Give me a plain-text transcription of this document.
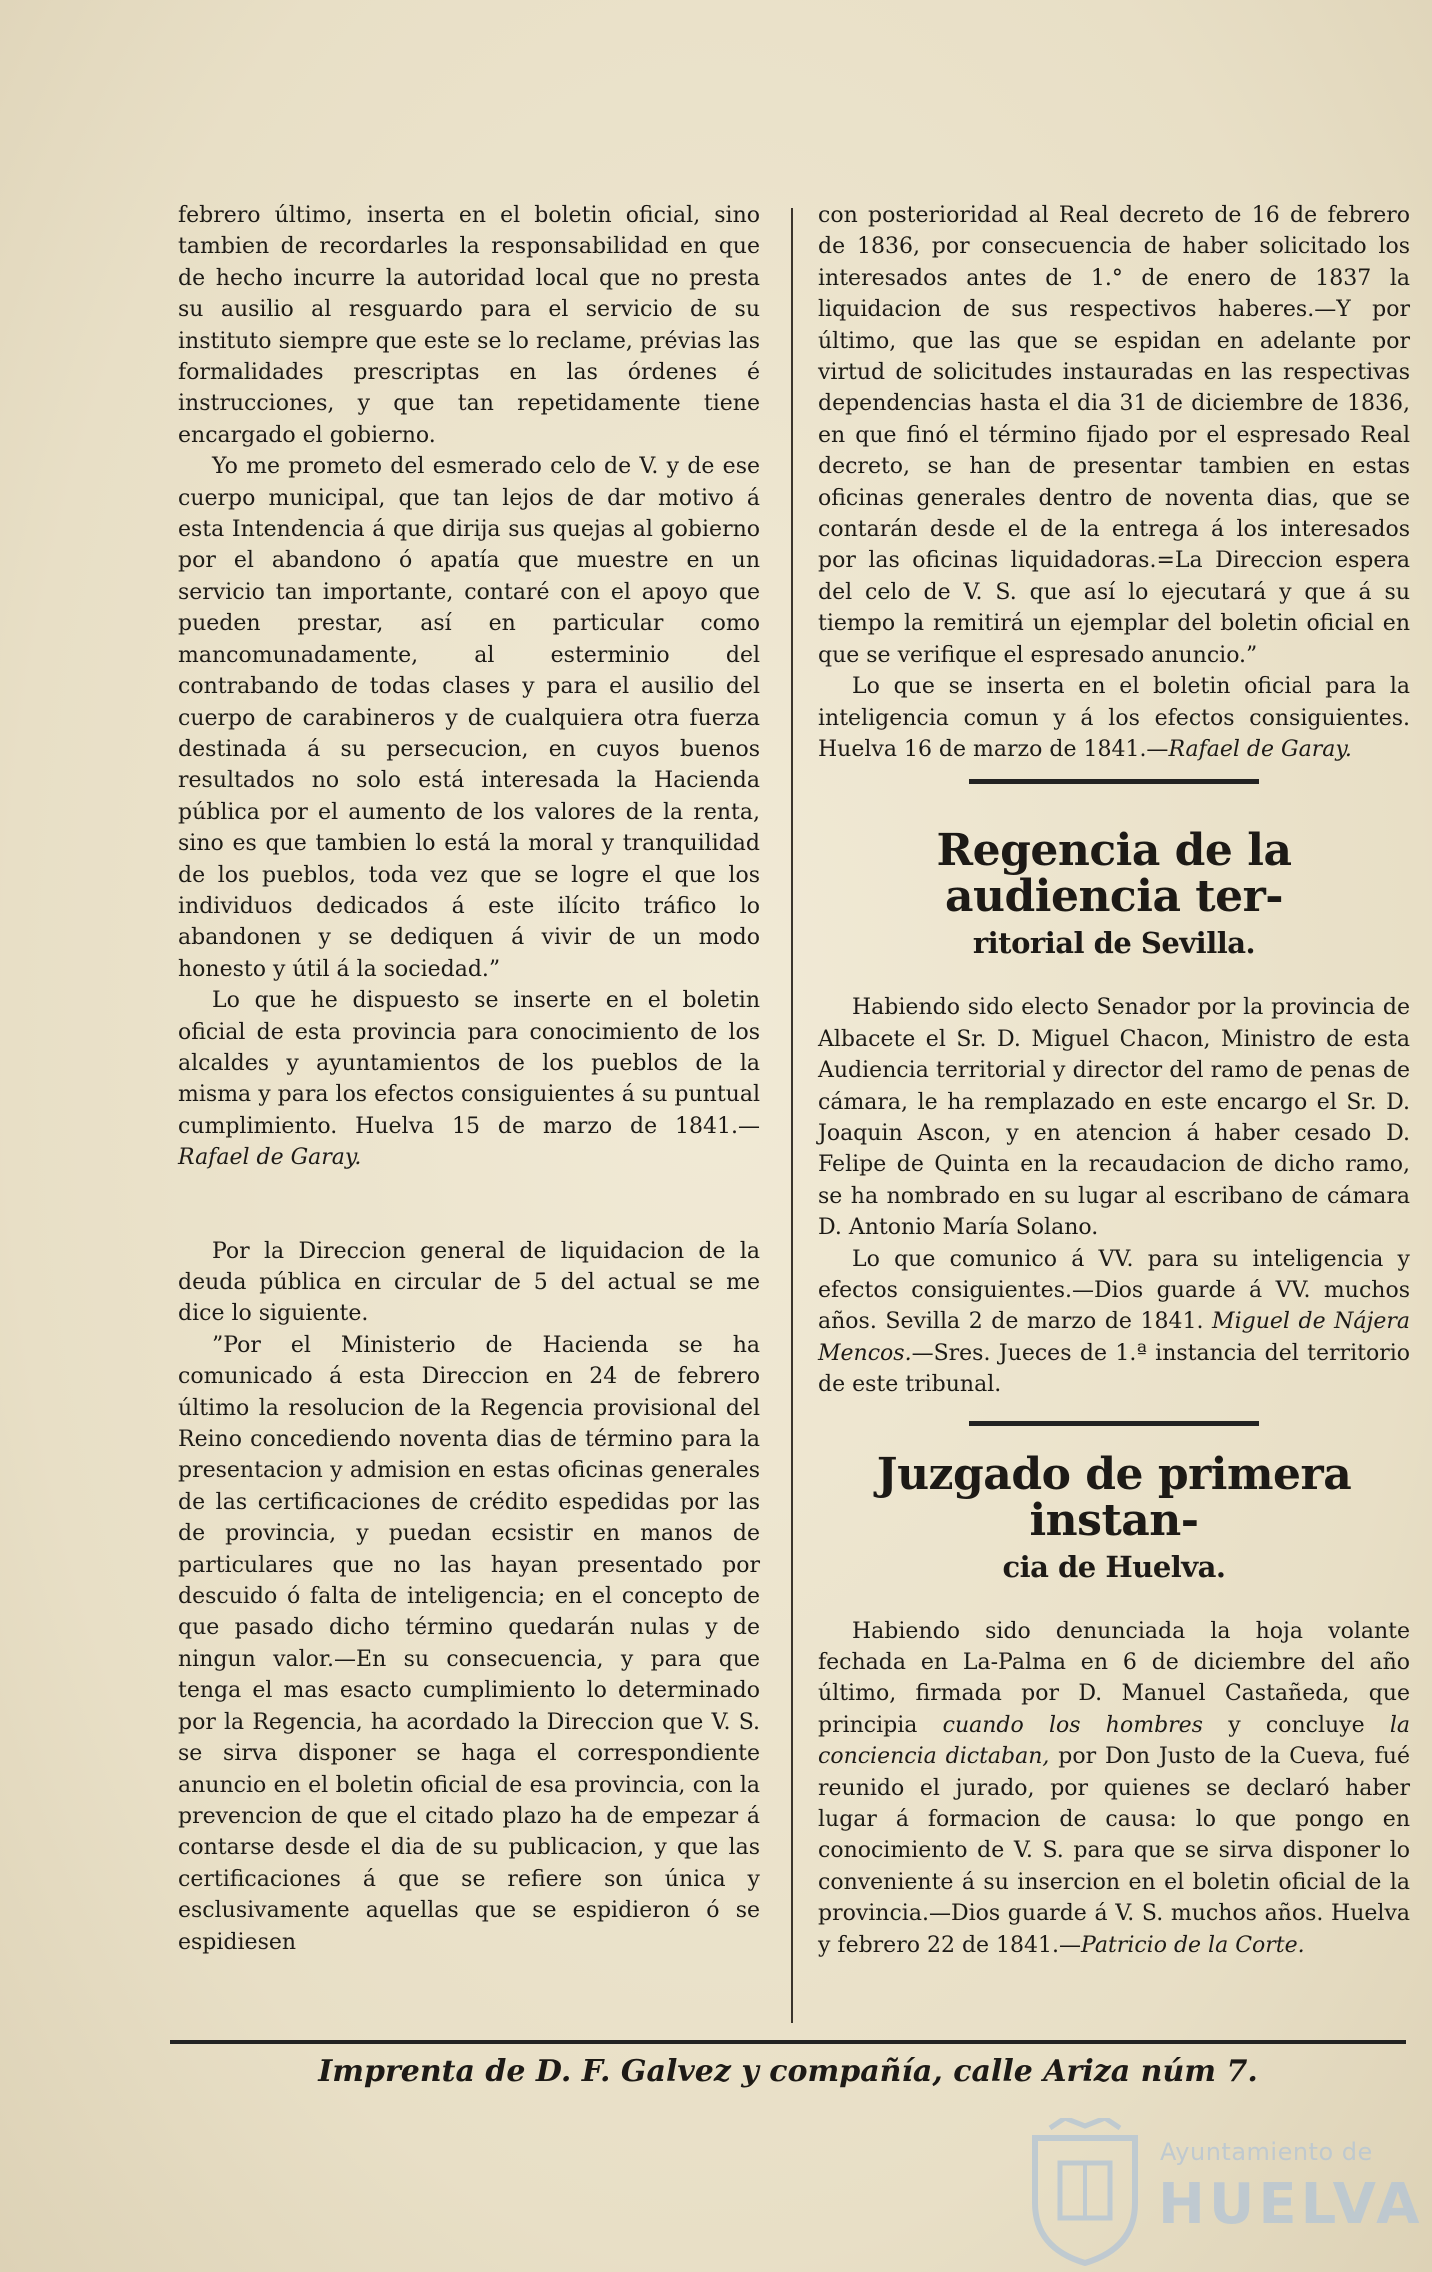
febrero último, inserta en el boletin oficial, sino tambien de recordarles la responsabilidad en que de hecho incurre la autoridad local que no presta su ausilio al resguardo para el servicio de su instituto siempre que este se lo reclame, prévias las formalidades prescriptas en las órdenes é instrucciones, y que tan repetidamente tiene encargado el gobierno.

Yo me prometo del esmerado celo de V. y de ese cuerpo municipal, que tan lejos de dar motivo á esta Intendencia á que dirija sus quejas al gobierno por el abandono ó apatía que muestre en un servicio tan importante, contaré con el apoyo que pueden prestar, así en particular como mancomunadamente, al esterminio del contrabando de todas clases y para el ausilio del cuerpo de carabineros y de cualquiera otra fuerza destinada á su persecucion, en cuyos buenos resultados no solo está interesada la Hacienda pública por el aumento de los valores de la renta, sino es que tambien lo está la moral y tranquilidad de los pueblos, toda vez que se logre el que los individuos dedicados á este ilícito tráfico lo abandonen y se dediquen á vivir de un modo honesto y útil á la sociedad.”

Lo que he dispuesto se inserte en el boletin oficial de esta provincia para conocimiento de los alcaldes y ayuntamientos de los pueblos de la misma y para los efectos consiguientes á su puntual cumplimiento. Huelva 15 de marzo de 1841.—Rafael de Garay.

Por la Direccion general de liquidacion de la deuda pública en circular de 5 del actual se me dice lo siguiente.

”Por el Ministerio de Hacienda se ha comunicado á esta Direccion en 24 de febrero último la resolucion de la Regencia provisional del Reino concediendo noventa dias de término para la presentacion y admision en estas oficinas generales de las certificaciones de crédito espedidas por las de provincia, y puedan ecsistir en manos de particulares que no las hayan presentado por descuido ó falta de inteligencia; en el concepto de que pasado dicho término quedarán nulas y de ningun valor.—En su consecuencia, y para que tenga el mas esacto cumplimiento lo determinado por la Regencia, ha acordado la Direccion que V. S. se sirva disponer se haga el correspondiente anuncio en el boletin oficial de esa provincia, con la prevencion de que el citado plazo ha de empezar á contarse desde el dia de su publicacion, y que las certificaciones á que se refiere son única y esclusivamente aquellas que se espidieron ó se espidiesen

con posterioridad al Real decreto de 16 de febrero de 1836, por consecuencia de haber solicitado los interesados antes de 1.° de enero de 1837 la liquidacion de sus respectivos haberes.—Y por último, que las que se espidan en adelante por virtud de solicitudes instauradas en las respectivas dependencias hasta el dia 31 de diciembre de 1836, en que finó el término fijado por el espresado Real decreto, se han de presentar tambien en estas oficinas generales dentro de noventa dias, que se contarán desde el de la entrega á los interesados por las oficinas liquidadoras.=La Direccion espera del celo de V. S. que así lo ejecutará y que á su tiempo la remitirá un ejemplar del boletin oficial en que se verifique el espresado anuncio.”

Lo que se inserta en el boletin oficial para la inteligencia comun y á los efectos consiguientes. Huelva 16 de marzo de 1841.—Rafael de Garay.

Regencia de la audiencia ter-
ritorial de Sevilla.

Habiendo sido electo Senador por la provincia de Albacete el Sr. D. Miguel Chacon, Ministro de esta Audiencia territorial y director del ramo de penas de cámara, le ha remplazado en este encargo el Sr. D. Joaquin Ascon, y en atencion á haber cesado D. Felipe de Quinta en la recaudacion de dicho ramo, se ha nombrado en su lugar al escribano de cámara D. Antonio María Solano.

Lo que comunico á VV. para su inteligencia y efectos consiguientes.—Dios guarde á VV. muchos años. Sevilla 2 de marzo de 1841. Miguel de Nájera Mencos.—Sres. Jueces de 1.ª instancia del territorio de este tribunal.

Juzgado de primera instan-
cia de Huelva.

Habiendo sido denunciada la hoja volante fechada en La-Palma en 6 de diciembre del año último, firmada por D. Manuel Castañeda, que principia cuando los hombres y concluye la conciencia dictaban, por Don Justo de la Cueva, fué reunido el jurado, por quienes se declaró haber lugar á formacion de causa: lo que pongo en conocimiento de V. S. para que se sirva disponer lo conveniente á su insercion en el boletin oficial de la provincia.—Dios guarde á V. S. muchos años. Huelva y febrero 22 de 1841.—Patricio de la Corte.

Imprenta de D. F. Galvez y compañía, calle Ariza núm 7.
Ayuntamiento de
HUELVA
